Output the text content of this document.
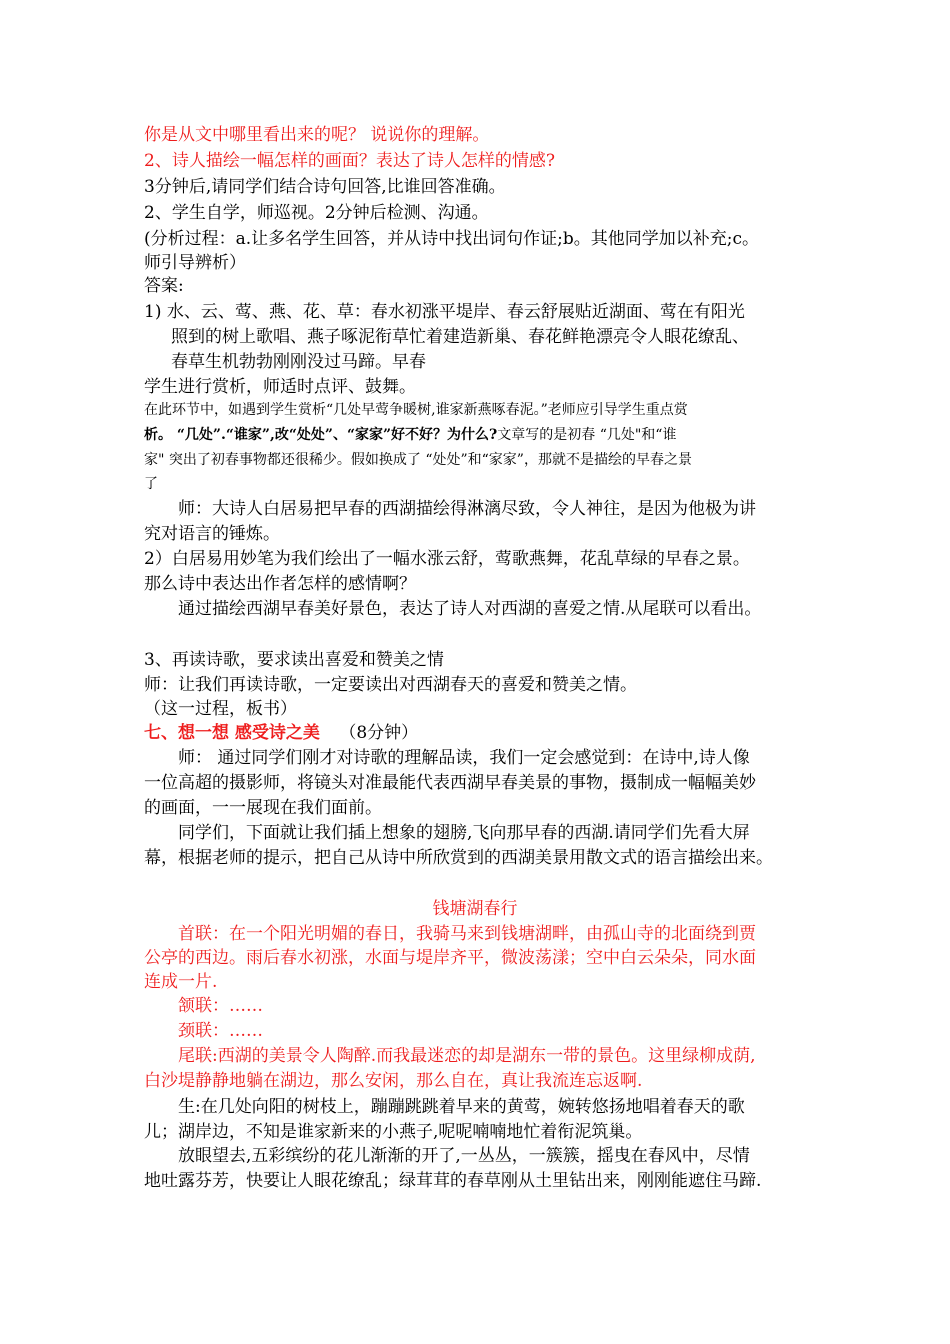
你是从文中哪里看出来的呢？ 说说你的理解。
2、诗人描绘一幅怎样的画面？表达了诗人怎样的情感?
3分钟后,请同学们结合诗句回答,比谁回答准确。
2、学生自学，师巡视。2分钟后检测、沟通。
(分析过程：a.让多名学生回答，并从诗中找出词句作证;b。其他同学加以补充;c。
师引导辨析）
答案:
1) 水、云、莺、燕、花、草：春水初涨平堤岸、春云舒展贴近湖面、莺在有阳光
照到的树上歌唱、燕子啄泥衔草忙着建造新巢、春花鲜艳漂亮令人眼花缭乱、
春草生机勃勃刚刚没过马蹄。早春
学生进行赏析，师适时点评、鼓舞。
在此环节中，如遇到学生赏析“几处早莺争暖树,谁家新燕啄春泥。”老师应引导学生重点赏
析。 “几处”.“谁家”,改“处处”、“家家”好不好？为什么?文章写的是初春 “几处"和“谁
家" 突出了初春事物都还很稀少。假如换成了 “处处”和“家家”，那就不是描绘的早春之景
了
师：大诗人白居易把早春的西湖描绘得淋漓尽致，令人神往，是因为他极为讲
究对语言的锤炼。
2）白居易用妙笔为我们绘出了一幅水涨云舒，莺歌燕舞，花乱草绿的早春之景。
那么诗中表达出作者怎样的感情啊？
通过描绘西湖早春美好景色，表达了诗人对西湖的喜爱之情.从尾联可以看出。
3、再读诗歌，要求读出喜爱和赞美之情
师：让我们再读诗歌，一定要读出对西湖春天的喜爱和赞美之情。
（这一过程，板书）
七、想一想 感受诗之美 （8分钟）
师： 通过同学们刚才对诗歌的理解品读，我们一定会感觉到：在诗中,诗人像
一位高超的摄影师，将镜头对准最能代表西湖早春美景的事物，摄制成一幅幅美妙
的画面，一一展现在我们面前。
同学们，下面就让我们插上想象的翅膀,飞向那早春的西湖.请同学们先看大屏
幕，根据老师的提示，把自己从诗中所欣赏到的西湖美景用散文式的语言描绘出来。
钱塘湖春行
首联：在一个阳光明媚的春日，我骑马来到钱塘湖畔，由孤山寺的北面绕到贾
公亭的西边。雨后春水初涨，水面与堤岸齐平，微波荡漾；空中白云朵朵，同水面
连成一片.
颔联：……
颈联：……
尾联:西湖的美景令人陶醉.而我最迷恋的却是湖东一带的景色。这里绿柳成荫,
白沙堤静静地躺在湖边，那么安闲，那么自在，真让我流连忘返啊.
生:在几处向阳的树枝上，蹦蹦跳跳着早来的黄莺，婉转悠扬地唱着春天的歌
儿；湖岸边，不知是谁家新来的小燕子,呢呢喃喃地忙着衔泥筑巢。
放眼望去,五彩缤纷的花儿渐渐的开了,一丛丛，一簇簇，摇曳在春风中，尽情
地吐露芬芳，快要让人眼花缭乱；绿茸茸的春草刚从土里钻出来，刚刚能遮住马蹄.
